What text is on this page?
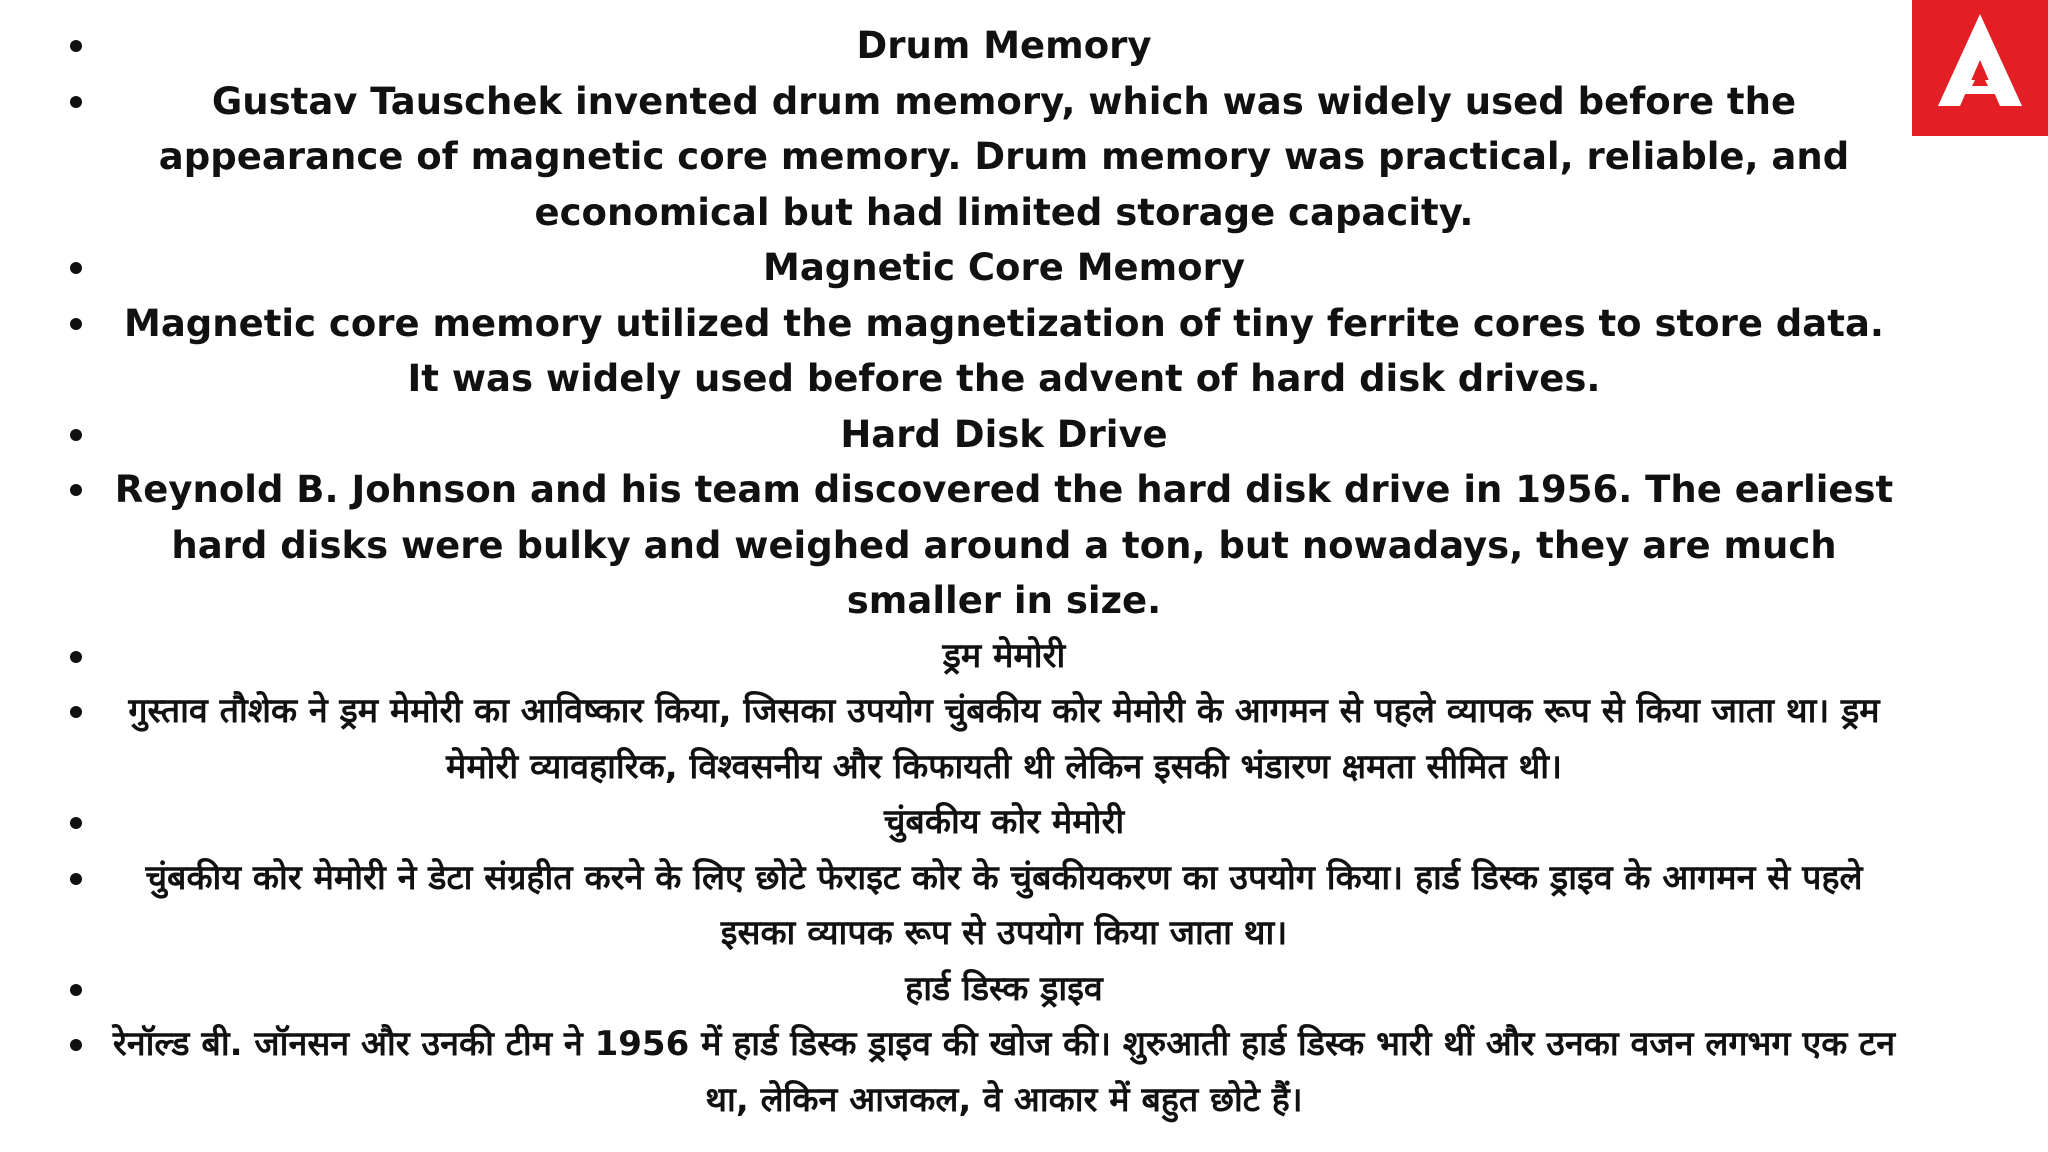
Drum Memory
Gustav Tauschek invented drum memory, which was widely used before the appearance of magnetic core memory. Drum memory was practical, reliable, and economical but had limited storage capacity.
Magnetic Core Memory
Magnetic core memory utilized the magnetization of tiny ferrite cores to store data. It was widely used before the advent of hard disk drives.
Hard Disk Drive
Reynold B. Johnson and his team discovered the hard disk drive in 1956. The earliest hard disks were bulky and weighed around a ton, but nowadays, they are much smaller in size.
ड्रम मेमोरी
गुस्ताव तौशेक ने ड्रम मेमोरी का आविष्कार किया, जिसका उपयोग चुंबकीय कोर मेमोरी के आगमन से पहले व्यापक रूप से किया जाता था। ड्रम मेमोरी व्यावहारिक, विश्वसनीय और किफायती थी लेकिन इसकी भंडारण क्षमता सीमित थी।
चुंबकीय कोर मेमोरी
चुंबकीय कोर मेमोरी ने डेटा संग्रहीत करने के लिए छोटे फेराइट कोर के चुंबकीयकरण का उपयोग किया। हार्ड डिस्क ड्राइव के आगमन से पहले इसका व्यापक रूप से उपयोग किया जाता था।
हार्ड डिस्क ड्राइव
रेनॉल्ड बी. जॉनसन और उनकी टीम ने 1956 में हार्ड डिस्क ड्राइव की खोज की। शुरुआती हार्ड डिस्क भारी थीं और उनका वजन लगभग एक टन था, लेकिन आजकल, वे आकार में बहुत छोटे हैं।
